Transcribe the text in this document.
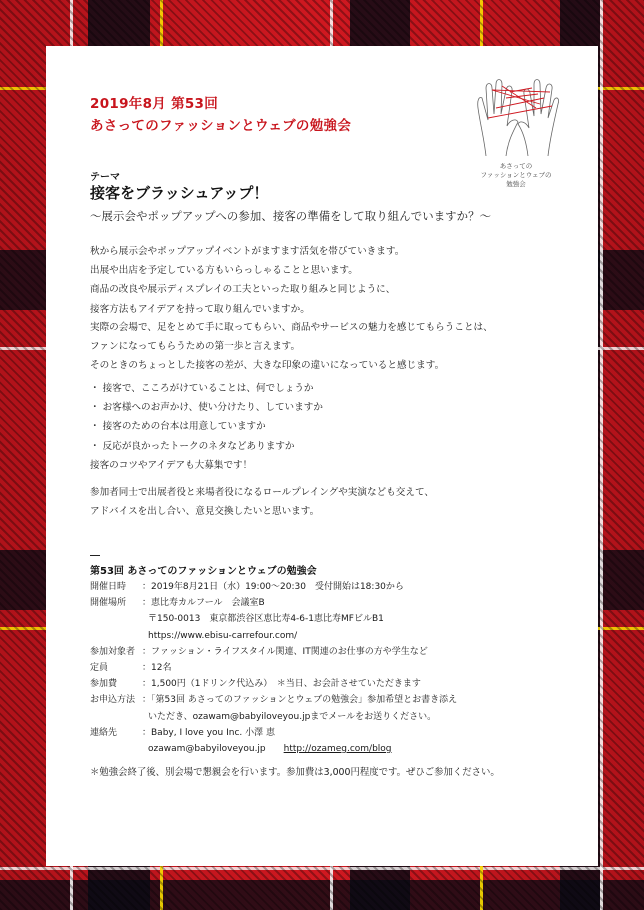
2019年8月 第53回
あさってのファッションとウェブの勉強会
あさっての
ファッションとウェブの
勉強会
テーマ
接客をブラッシュアップ！
〜展示会やポップアップへの参加、接客の準備をして取り組んでいますか？〜
秋から展示会やポップアップイベントがますます活気を帯びていきます。
出展や出店を予定している方もいらっしゃることと思います。
商品の改良や展示ディスプレイの工夫といった取り組みと同じように、
接客方法もアイデアを持って取り組んでいますか。
実際の会場で、足をとめて手に取ってもらい、商品やサービスの魅力を感じてもらうことは、
ファンになってもらうための第一歩と言えます。
そのときのちょっとした接客の差が、大きな印象の違いになっていると感じます。
・ 接客で、こころがけていることは、何でしょうか
・ お客様へのお声かけ、使い分けたり、していますか
・ 接客のための台本は用意していますか
・ 反応が良かったトークのネタなどありますか
接客のコツやアイデアも大募集です！
参加者同士で出展者役と来場者役になるロールプレイングや実演なども交えて、
アドバイスを出し合い、意見交換したいと思います。
第53回 あさってのファッションとウェブの勉強会
開催日時	：2019年8月21日（水）19:00〜20:30　受付開始は18:30から
開催場所	：恵比寿カルフール　会議室B
〒150-0013　東京都渋谷区恵比寿4-6-1恵比寿MFビルB1
https://www.ebisu-carrefour.com/
参加対象者 ：ファッション・ライフスタイル関連、IT関連のお仕事の方や学生など
定員	：12名
参加費	：1,500円（1ドリンク代込み）　＊当日、お会計させていただきます
お申込方法 ：「第53回 あさってのファッションとウェブの勉強会」参加希望とお書き添え
いただき、ozawam@babyiloveyou.jpまでメールをお送りください。
連絡先	：Baby, I love you Inc. 小澤 恵
ozawam@babyiloveyou.jp http://ozameg.com/blog
＊勉強会終了後、別会場で懇親会を行います。参加費は3,000円程度です。ぜひご参加ください。
